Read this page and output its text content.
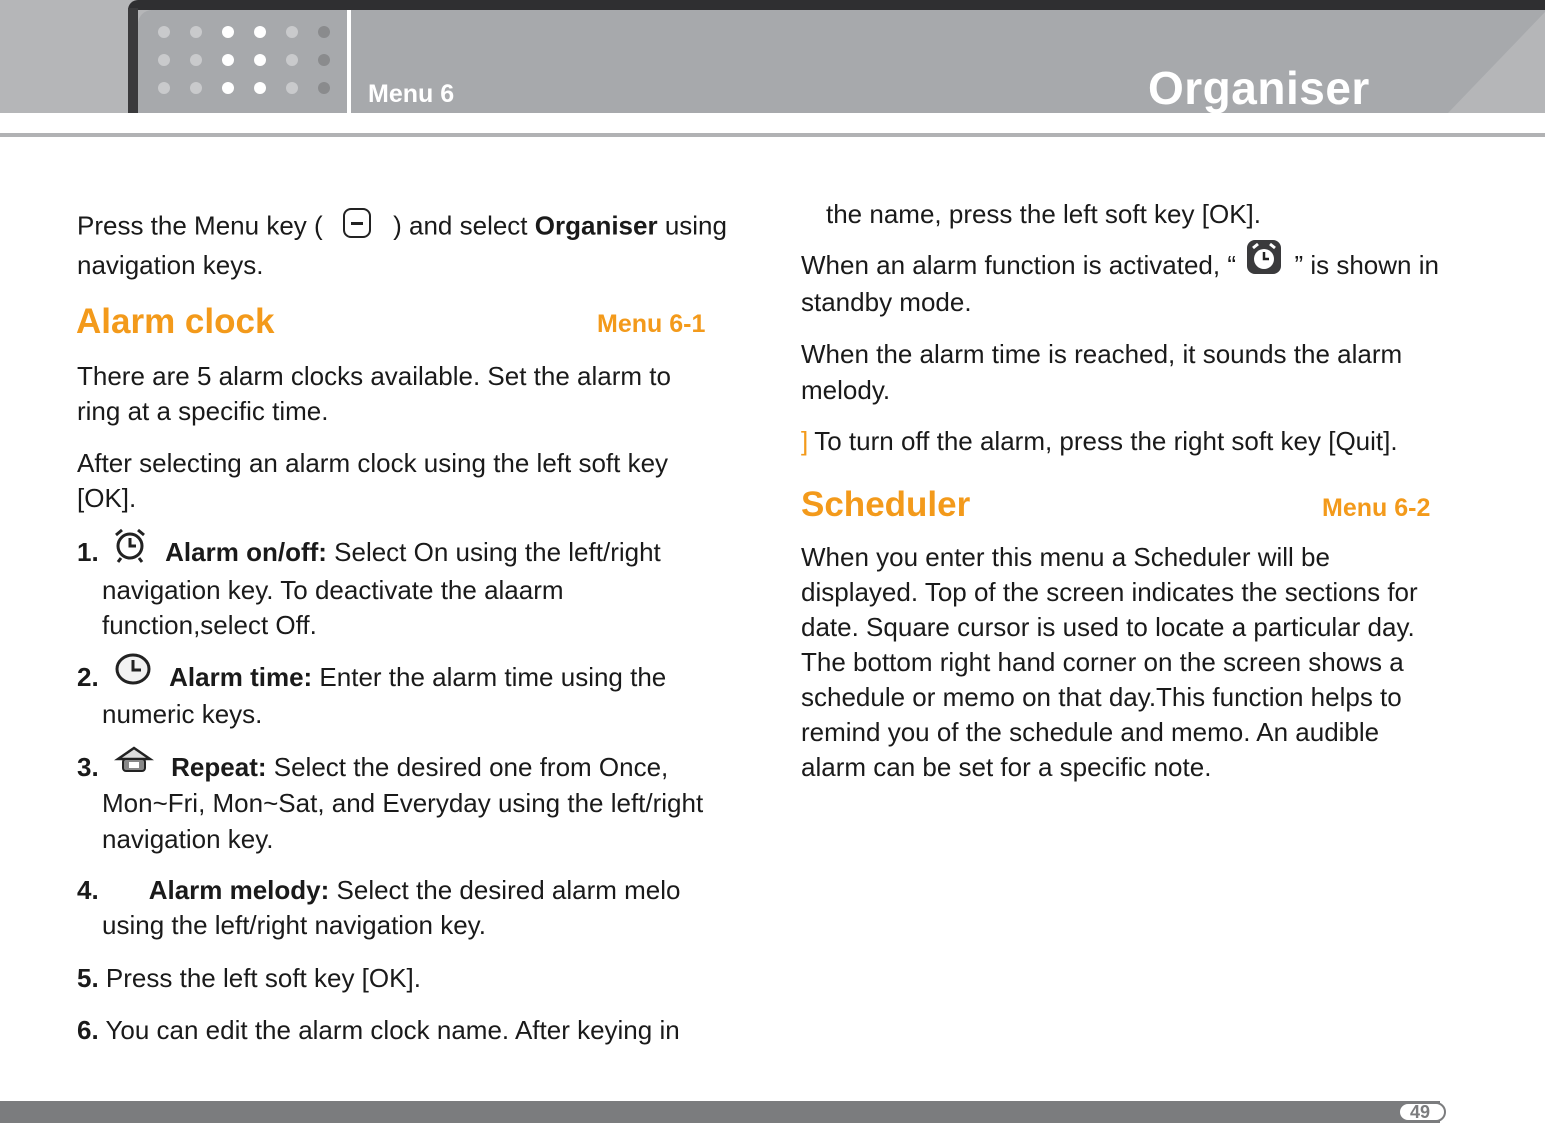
Menu 6	Organiser

Press the Menu key (	) and select Organiser using navigation keys.

Alarm clock	Menu 6-1

There are 5 alarm clocks available. Set the alarm to ring at a specific time.

After selecting an alarm clock using the left soft key [OK].

1.	Alarm on/off: Select On using the left/right navigation key. To deactivate the alaarm function,select Off.

2.	Alarm time: Enter the alarm time using the numeric keys.

3.	Repeat: Select the desired one from Once, Mon~Fri, Mon~Sat, and Everyday using the left/right navigation key.

4. Alarm melody: Select the desired alarm melo using the left/right navigation key.

5. Press the left soft key [OK].

6. You can edit the alarm clock name. After keying in

the name, press the left soft key [OK].

When an alarm function is activated, “ ” is shown in standby mode.

When the alarm time is reached, it sounds the alarm melody.

] To turn off the alarm, press the right soft key [Quit].

Scheduler	Menu 6-2

When you enter this menu a Scheduler will be displayed. Top of the screen indicates the sections for date. Square cursor is used to locate a particular day. The bottom right hand corner on the screen shows a schedule or memo on that day.This function helps to remind you of the schedule and memo. An audible alarm can be set for a specific note.

49
